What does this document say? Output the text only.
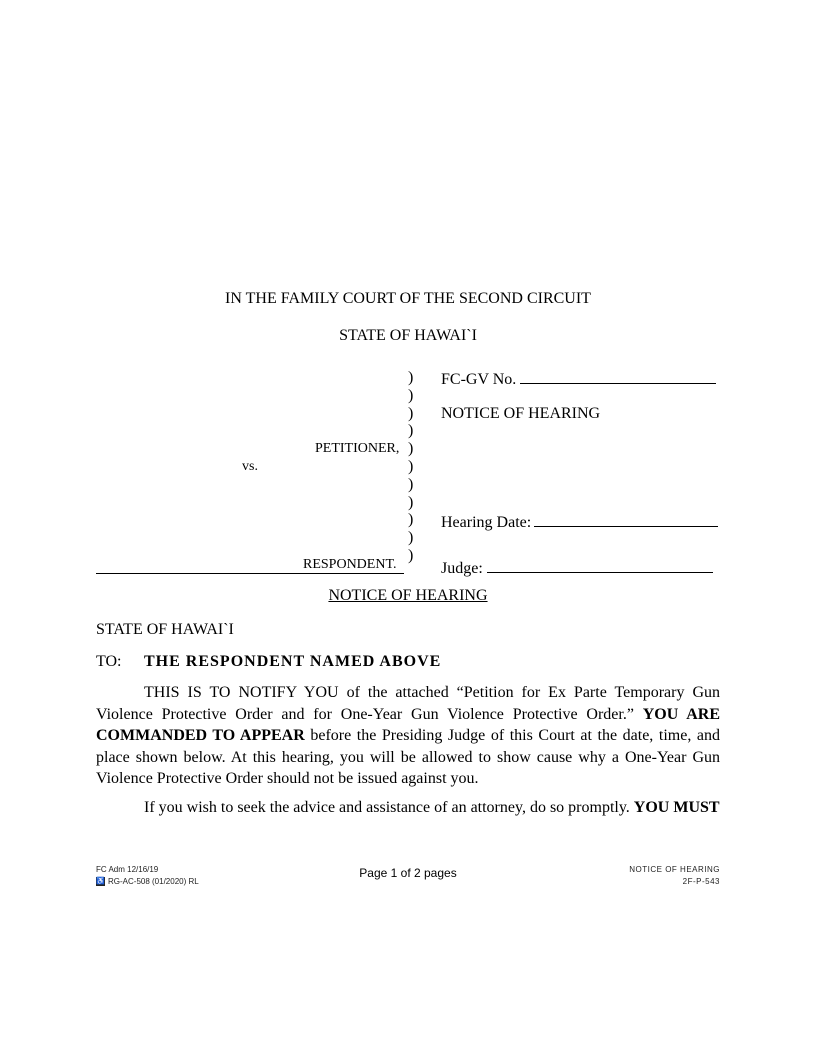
IN THE FAMILY COURT OF THE SECOND CIRCUIT
STATE OF HAWAI`I
)
)
)
)
)
)
)
)
)
)
)
FC-GV No.
NOTICE OF HEARING
PETITIONER,
vs.
Hearing Date:
RESPONDENT.	Judge:
NOTICE OF HEARING
STATE OF HAWAI`I
TO: THE RESPONDENT NAMED ABOVE
THIS IS TO NOTIFY YOU of the attached “Petition for Ex Parte Temporary Gun Violence Protective Order and for One-Year Gun Violence Protective Order.” YOU ARE COMMANDED TO APPEAR before the Presiding Judge of this Court at the date, time, and place shown below. At this hearing, you will be allowed to show cause why a One-Year Gun Violence Protective Order should not be issued against you.
If you wish to seek the advice and assistance of an attorney, do so promptly. YOU MUST
FC Adm 12/16/19
♿ RG-AC-508 (01/2020) RL
Page 1 of 2 pages	NOTICE OF HEARING
2F-P-543
